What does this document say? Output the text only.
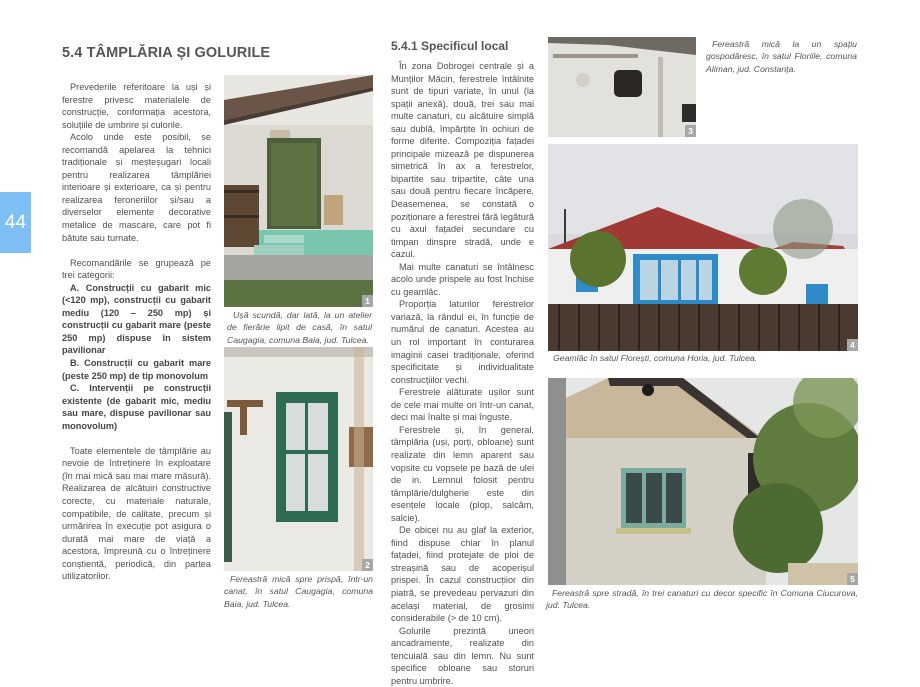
44
5.4 TÂMPLĂRIA ȘI GOLURILE

Prevederile referitoare la uși și ferestre privesc materialele de construcție, conformația acestora, soluțiile de umbrire și culorile.

Acolo unde este posibil, se recomandă apelarea la tehnici tradiționale și meșteșugari locali pentru realizarea tâmplăriei interioare și exterioare, ca și pentru realizarea feroneriilor și/sau a diverselor elemente decorative metalice de mascare, care pot fi bătute sau turnate.

Recomandările se grupează pe trei categorii:

A. Construcții cu gabarit mic (<120 mp), construcții cu gabarit mediu (120 – 250 mp) și construcții cu gabarit mare (peste 250 mp) dispuse în sistem pavilionar

B. Construcții cu gabarit mare (peste 250 mp) de tip monovolum

C. Intervenții pe construcții existente (de gabarit mic, mediu sau mare, dispuse pavilionar sau monovolum)

Toate elementele de tâmplărie au nevoie de întreținere în exploatare (în mai mică sau mai mare măsură). Realizarea de alcătuiri constructive corecte, cu materiale naturale, compatibile, de calitate, precum și urmărirea în execuție pot asigura o durată mai mare de viață a acestora, împreună cu o întreținere conștientă, periodică, din partea utilizatorilor.

1
Ușă scundă, dar lată, la un atelier de fierărie lipit de casă, în satul Caugagia, comuna Baia, jud. Tulcea.
2
Fereastră mică spre prispă, într-un canat, în satul Caugagia, comuna Baia, jud. Tulcea.
5.4.1 Specificul local

În zona Dobrogei centrale și a Munților Măcin, ferestrele întâlnite sunt de tipuri variate, în unul (la spații anexă), două, trei sau mai multe canaturi, cu alcătuire simplă sau dublă, împărțite în ochiuri de forme diferite. Compoziția fațadei principale mizează pe dispunerea simetrică în ax a ferestrelor, bipartite sau tripartite, câte una sau două pentru fiecare încăpere. Deasemenea, se constată o poziționare a ferestrei fără legătură cu axul fațadei secundare cu timpan dinspre stradă, unde e cazul.

Mai multe canaturi se întâlnesc acolo unde prispele au fost închise cu geamlâc.

Proporția laturilor ferestrelor variază, la rândul ei, în funcție de numărul de canaturi. Acestea au un rol important în conturarea imaginii casei tradiționale, oferind specificitate și individualitate construcțiilor vechi.

Ferestrele alăturate ușilor sunt de cele mai multe ori într-un canat, deci mai înalte și mai înguste.

Ferestrele și, în general, tâmplăria (uși, porți, obloane) sunt realizate din lemn aparent sau vopsite cu vopsele pe bază de ulei de in. Lemnul folosit pentru tâmplărie/dulgherie este din esențele locale (plop, salcâm, salcie).

De obicei nu au glaf la exterior, fiind dispuse chiar în planul fațadei, fiind protejate de ploi de streașină sau de acoperișul prispei. În cazul construcțiior din piatră, se prevedeau pervazuri din același material, de grosimi considerabile (> de 10 cm).

Golurile prezintă uneori ancadramente, realizate din tencuială sau din lemn. Nu sunt specifice obloane sau storuri pentru umbrire.

3
Fereastră mică la un spațiu gospodăresc, în satul Floriile, comuna Aliman, jud. Constanța.
4
Geamlâc în satul Florești, comuna Horia, jud. Tulcea.
5
Fereastră spre stradă, în trei canaturi cu decor specific în Comuna Ciucurova, jud. Tulcea.
